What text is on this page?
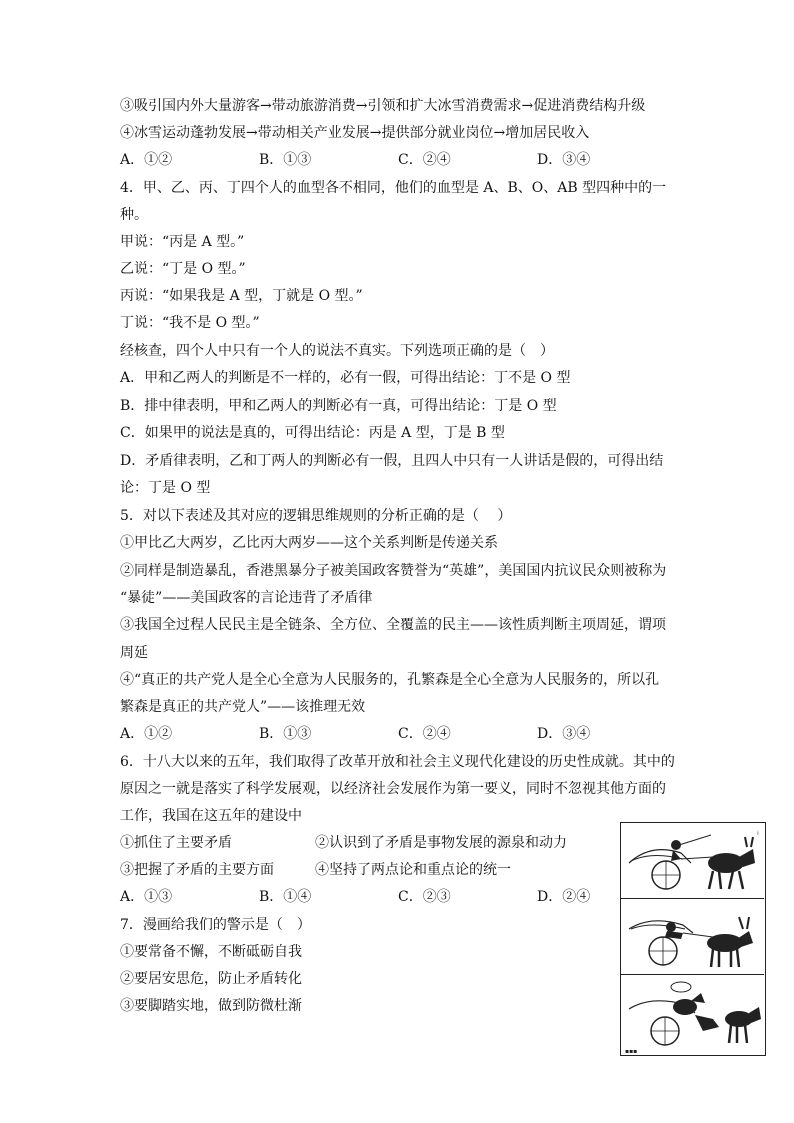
③吸引国内外大量游客→带动旅游消费→引领和扩大冰雪消费需求→促进消费结构升级
④冰雪运动蓬勃发展→带动相关产业发展→提供部分就业岗位→增加居民收入
A．①②	B．①③	C．②④	D．③④
4．甲、乙、丙、丁四个人的血型各不相同，他们的血型是 A、B、O、AB 型四种中的一
种。
甲说：“丙是 A 型。”
乙说：“丁是 O 型。”
丙说：“如果我是 A 型，丁就是 O 型。”
丁说：“我不是 O 型。”
经核查，四个人中只有一个人的说法不真实。下列选项正确的是（　）
A．甲和乙两人的判断是不一样的，必有一假，可得出结论：丁不是 O 型
B．排中律表明，甲和乙两人的判断必有一真，可得出结论：丁是 O 型
C．如果甲的说法是真的，可得出结论：丙是 A 型，丁是 B 型
D．矛盾律表明，乙和丁两人的判断必有一假，且四人中只有一人讲话是假的，可得出结
论：丁是 O 型
5．对以下表述及其对应的逻辑思维规则的分析正确的是（　 ）
①甲比乙大两岁，乙比丙大两岁——这个关系判断是传递关系
②同样是制造暴乱，香港黑暴分子被美国政客赞誉为“英雄”，美国国内抗议民众则被称为
“暴徒”——美国政客的言论违背了矛盾律
③我国全过程人民民主是全链条、全方位、全覆盖的民主——该性质判断主项周延，谓项
周延
④“真正的共产党人是全心全意为人民服务的，孔繁森是全心全意为人民服务的，所以孔
繁森是真正的共产党人”——该推理无效
A．①②	B．①③	C．②④	D．③④
6．十八大以来的五年，我们取得了改革开放和社会主义现代化建设的历史性成就。其中的
原因之一就是落实了科学发展观，以经济社会发展作为第一要义，同时不忽视其他方面的
工作，我国在这五年的建设中
①抓住了主要矛盾	②认识到了矛盾是事物发展的源泉和动力
③把握了矛盾的主要方面	④坚持了两点论和重点论的统一
A．①③	B．①④	C．②③	D．②④
7．漫画给我们的警示是（　）
①要常备不懈，不断砥砺自我
②要居安思危，防止矛盾转化
③要脚踏实地，做到防微杜渐
⁞
▪▪▪
